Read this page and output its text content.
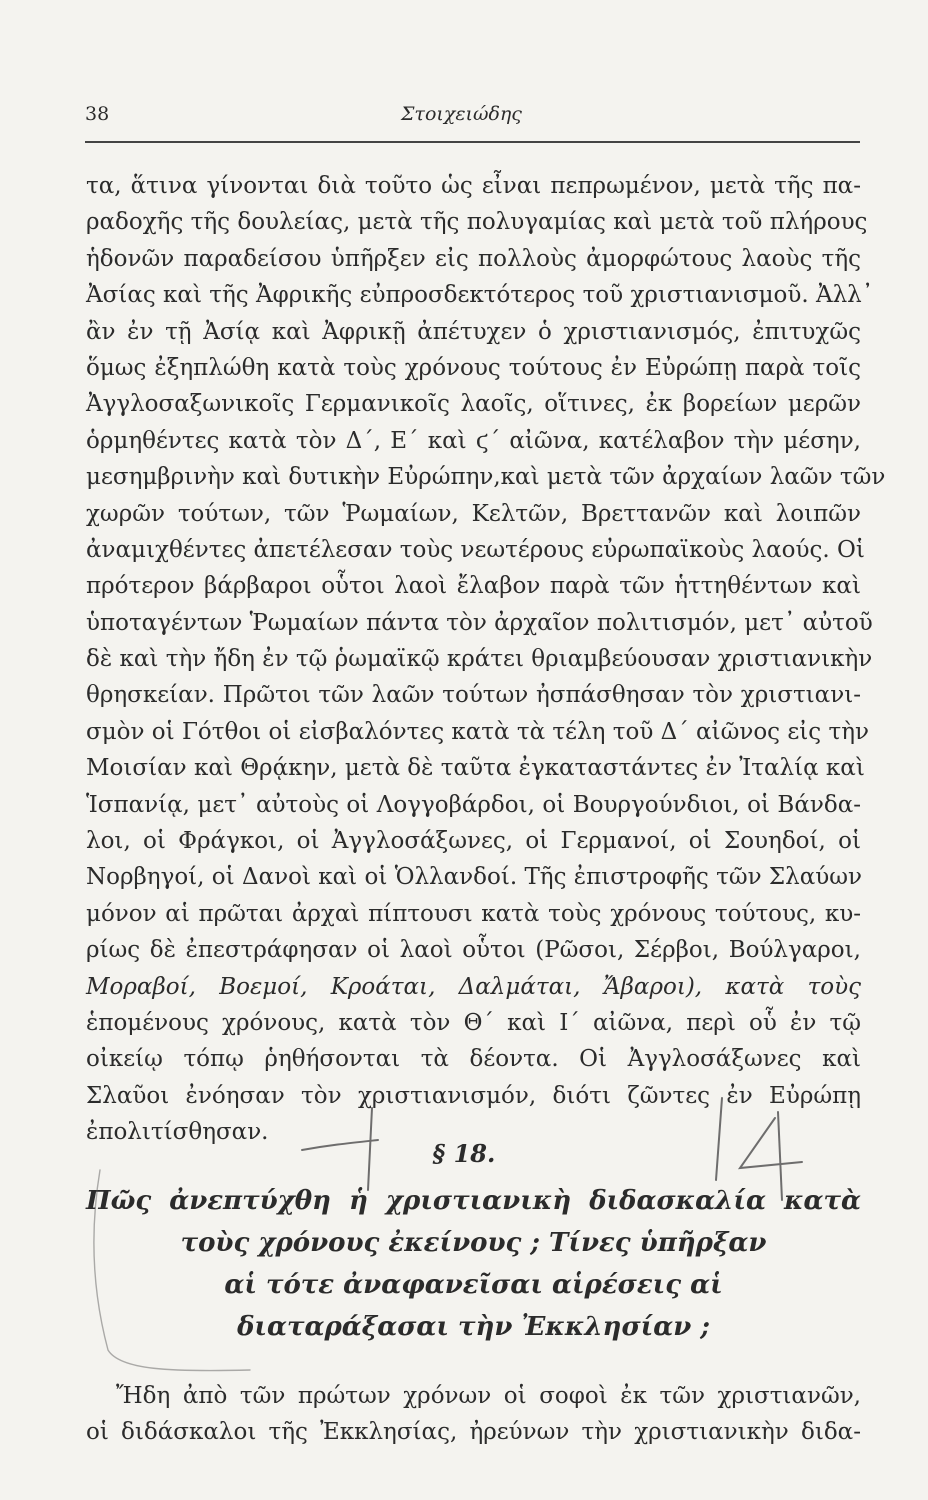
38	Στοιχειώδης
τα, ἅτινα γίνονται διὰ τοῦτο ὡς εἶναι πεπρωμένον, μετὰ τῆς πα-
ραδοχῆς τῆς δουλείας, μετὰ τῆς πολυγαμίας καὶ μετὰ τοῦ πλήρους
ἡδονῶν παραδείσου ὑπῆρξεν εἰς πολλοὺς ἀμορφώτους λαοὺς τῆς
Ἀσίας καὶ τῆς Ἀφρικῆς εὐπροσδεκτότερος τοῦ χριστιανισμοῦ. Ἀλλ᾽
ἂν ἐν τῇ Ἀσίᾳ καὶ Ἀφρικῇ ἀπέτυχεν ὁ χριστιανισμός, ἐπιτυχῶς
ὅμως ἐξηπλώθη κατὰ τοὺς χρόνους τούτους ἐν Εὐρώπῃ παρὰ τοῖς
Ἀγγλοσαξωνικοῖς Γερμανικοῖς λαοῖς, οἵτινες, ἐκ βορείων μερῶν
ὁρμηθέντες κατὰ τὸν Δ΄, Ε΄ καὶ ϛ΄ αἰῶνα, κατέλαβον τὴν μέσην,
μεσημβρινὴν καὶ δυτικὴν Εὐρώπην,καὶ μετὰ τῶν ἀρχαίων λαῶν τῶν
χωρῶν τούτων, τῶν Ῥωμαίων, Κελτῶν, Βρεττανῶν καὶ λοιπῶν
ἀναμιχθέντες ἀπετέλεσαν τοὺς νεωτέρους εὐρωπαϊκοὺς λαούς. Οἱ
πρότερον βάρβαροι οὗτοι λαοὶ ἔλαβον παρὰ τῶν ἡττηθέντων καὶ
ὑποταγέντων Ῥωμαίων πάντα τὸν ἀρχαῖον πολιτισμόν, μετ᾽ αὐτοῦ
δὲ καὶ τὴν ἤδη ἐν τῷ ῥωμαϊκῷ κράτει θριαμβεύουσαν χριστιανικὴν
θρησκείαν. Πρῶτοι τῶν λαῶν τούτων ἠσπάσθησαν τὸν χριστιανι-
σμὸν οἱ Γότθοι οἱ εἰσβαλόντες κατὰ τὰ τέλη τοῦ Δ΄ αἰῶνος εἰς τὴν
Μοισίαν καὶ Θρᾴκην, μετὰ δὲ ταῦτα ἐγκαταστάντες ἐν Ἰταλίᾳ καὶ
Ἱσπανίᾳ, μετ᾽ αὐτοὺς οἱ Λογγοβάρδοι, οἱ Βουργούνδιοι, οἱ Βάνδα-
λοι, οἱ Φράγκοι, οἱ Ἀγγλοσάξωνες, οἱ Γερμανοί, οἱ Σουηδοί, οἱ
Νορβηγοί, οἱ Δανοὶ καὶ οἱ Ὁλλανδοί. Τῆς ἐπιστροφῆς τῶν Σλαύων
μόνον αἱ πρῶται ἀρχαὶ πίπτουσι κατὰ τοὺς χρόνους τούτους, κυ-
ρίως δὲ ἐπεστράφησαν οἱ λαοὶ οὗτοι (Ρῶσοι, Σέρβοι, Βούλγαροι,
Μοραβοί, Βοεμοί, Κροάται, Δαλμάται, Ἄβαροι), κατὰ τοὺς
ἑπομένους χρόνους, κατὰ τὸν Θ΄ καὶ Ι΄ αἰῶνα, περὶ οὗ ἐν τῷ
οἰκείῳ τόπῳ ῥηθήσονται τὰ δέοντα. Οἱ Ἀγγλοσάξωνες καὶ
Σλαῦοι ἐνόησαν τὸν χριστιανισμόν, διότι ζῶντες ἐν Εὐρώπῃ
ἐπολιτίσθησαν.
§ 18.
Πῶς ἀνεπτύχθη ἡ χριστιανικὴ διδασκαλία κατὰ
τοὺς χρόνους ἐκείνους ; Τίνες ὑπῆρξαν
αἱ τότε ἀναφανεῖσαι αἱρέσεις αἱ
διαταράξασαι τὴν Ἐκκλησίαν ;
Ἤδη ἀπὸ τῶν πρώτων χρόνων οἱ σοφοὶ ἐκ τῶν χριστιανῶν,
οἱ διδάσκαλοι τῆς Ἐκκλησίας, ἠρεύνων τὴν χριστιανικὴν διδα-
